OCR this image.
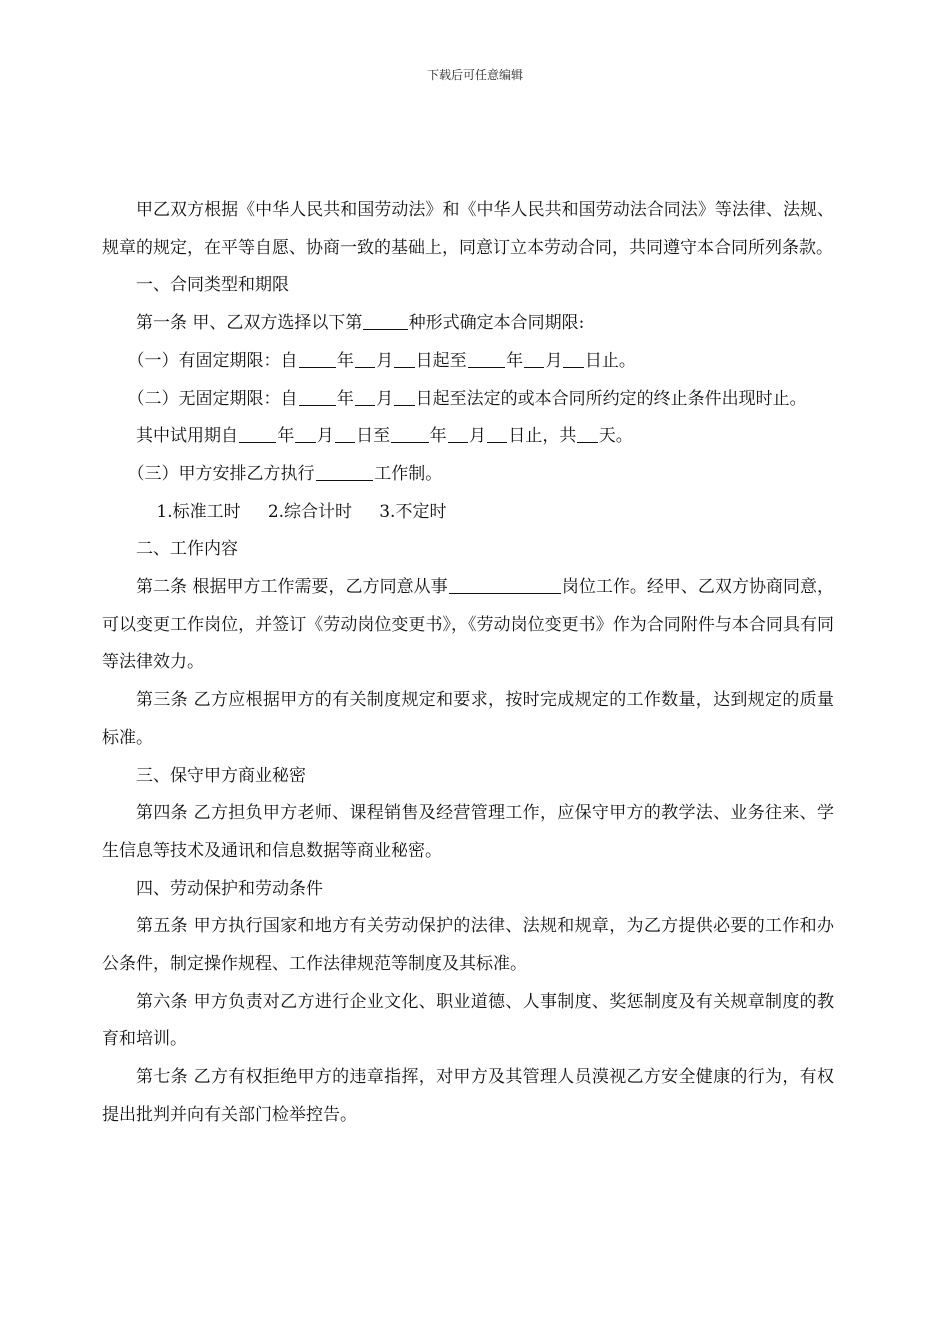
下载后可任意编辑

甲乙双方根据《中华人民共和国劳动法》和《中华人民共和国劳动法合同法》等法律、法规、规章的规定，在平等自愿、协商一致的基础上，同意订立本劳动合同，共同遵守本合同所列条款。

一、合同类型和期限

第一条 甲、乙双方选择以下第	种形式确定本合同期限:

（一）有固定期限：自 年 月 日起至 年 月 日止。

（二）无固定期限：自 年 月 日起至法定的或本合同所约定的终止条件出现时止。

其中试用期自 年 月 日至 年 月 日止，共 天。

（三）甲方安排乙方执行	工作制。

1.标准工时 2.综合计时 3.不定时

二、工作内容

第二条 根据甲方工作需要，乙方同意从事	岗位工作。经甲、乙双方协商同意，可以变更工作岗位，并签订《劳动岗位变更书》，《劳动岗位变更书》作为合同附件与本合同具有同等法律效力。

第三条 乙方应根据甲方的有关制度规定和要求，按时完成规定的工作数量，达到规定的质量标准。

三、保守甲方商业秘密

第四条 乙方担负甲方老师、课程销售及经营管理工作，应保守甲方的教学法、业务往来、学生信息等技术及通讯和信息数据等商业秘密。

四、劳动保护和劳动条件

第五条 甲方执行国家和地方有关劳动保护的法律、法规和规章，为乙方提供必要的工作和办公条件，制定操作规程、工作法律规范等制度及其标准。

第六条 甲方负责对乙方进行企业文化、职业道德、人事制度、奖惩制度及有关规章制度的教育和培训。

第七条 乙方有权拒绝甲方的违章指挥，对甲方及其管理人员漠视乙方安全健康的行为，有权提出批判并向有关部门检举控告。
